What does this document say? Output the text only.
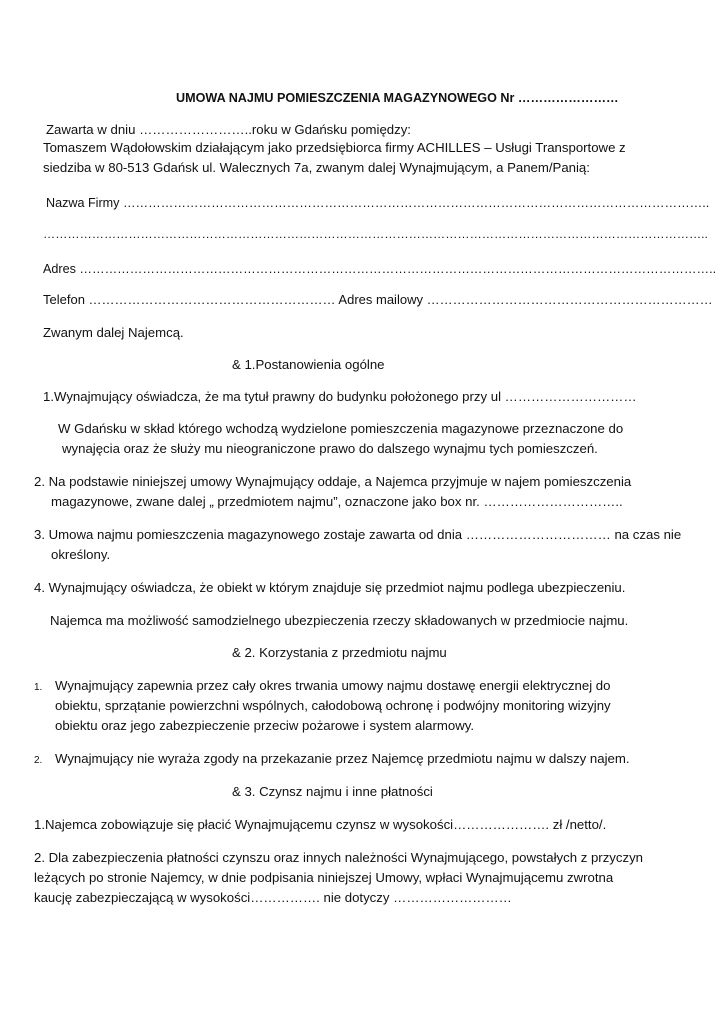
UMOWA NAJMU POMIESZCZENIA MAGAZYNOWEGO Nr ……………………
Zawarta w dniu ……………………..roku w Gdańsku pomiędzy:
Tomaszem Wądołowskim działającym jako przedsiębiorca firmy ACHILLES – Usługi Transportowe z
siedziba w 80-513 Gdańsk ul. Walecznych 7a, zwanym dalej Wynajmującym, a Panem/Panią:
Nazwa Firmy …………………………………………………………………………………………………………………………..
………………………………………………………………………………………………………………………………………………..
Adres ……………………………………………………………………………………………………………………………………..
Telefon ………………………………………………… Adres mailowy …………………………………………………………
Zwanym dalej Najemcą.
& 1.Postanowienia ogólne
1.Wynajmujący oświadcza, że ma tytuł prawny do budynku położonego przy ul …………………………
W Gdańsku w skład którego wchodzą wydzielone pomieszczenia magazynowe przeznaczone do
wynajęcia oraz że służy mu nieograniczone prawo do dalszego wynajmu tych pomieszczeń.
2. Na podstawie niniejszej umowy Wynajmujący oddaje, a Najemca przyjmuje w najem pomieszczenia
magazynowe, zwane dalej „ przedmiotem najmu”, oznaczone jako box nr. …………………………..
3. Umowa najmu pomieszczenia magazynowego zostaje zawarta od dnia …………………………… na czas nie
określony.
4. Wynajmujący oświadcza, że obiekt w którym znajduje się przedmiot najmu podlega ubezpieczeniu.
Najemca ma możliwość samodzielnego ubezpieczenia rzeczy składowanych w przedmiocie najmu.
& 2. Korzystania z przedmiotu najmu
1. Wynajmujący zapewnia przez cały okres trwania umowy najmu dostawę energii elektrycznej do
obiektu, sprzątanie powierzchni wspólnych, całodobową ochronę i podwójny monitoring wizyjny
obiektu oraz jego zabezpieczenie przeciw pożarowe i system alarmowy.
2. Wynajmujący nie wyraża zgody na przekazanie przez Najemcę przedmiotu najmu w dalszy najem.
& 3. Czynsz najmu i inne płatności
1.Najemca zobowiązuje się płacić Wynajmującemu czynsz w wysokości…………………. zł /netto/.
2. Dla zabezpieczenia płatności czynszu oraz innych należności Wynajmującego, powstałych z przyczyn
leżących po stronie Najemcy, w dnie podpisania niniejszej Umowy, wpłaci Wynajmującemu zwrotna
kaucję zabezpieczającą w wysokości……………. nie dotyczy ………………………
